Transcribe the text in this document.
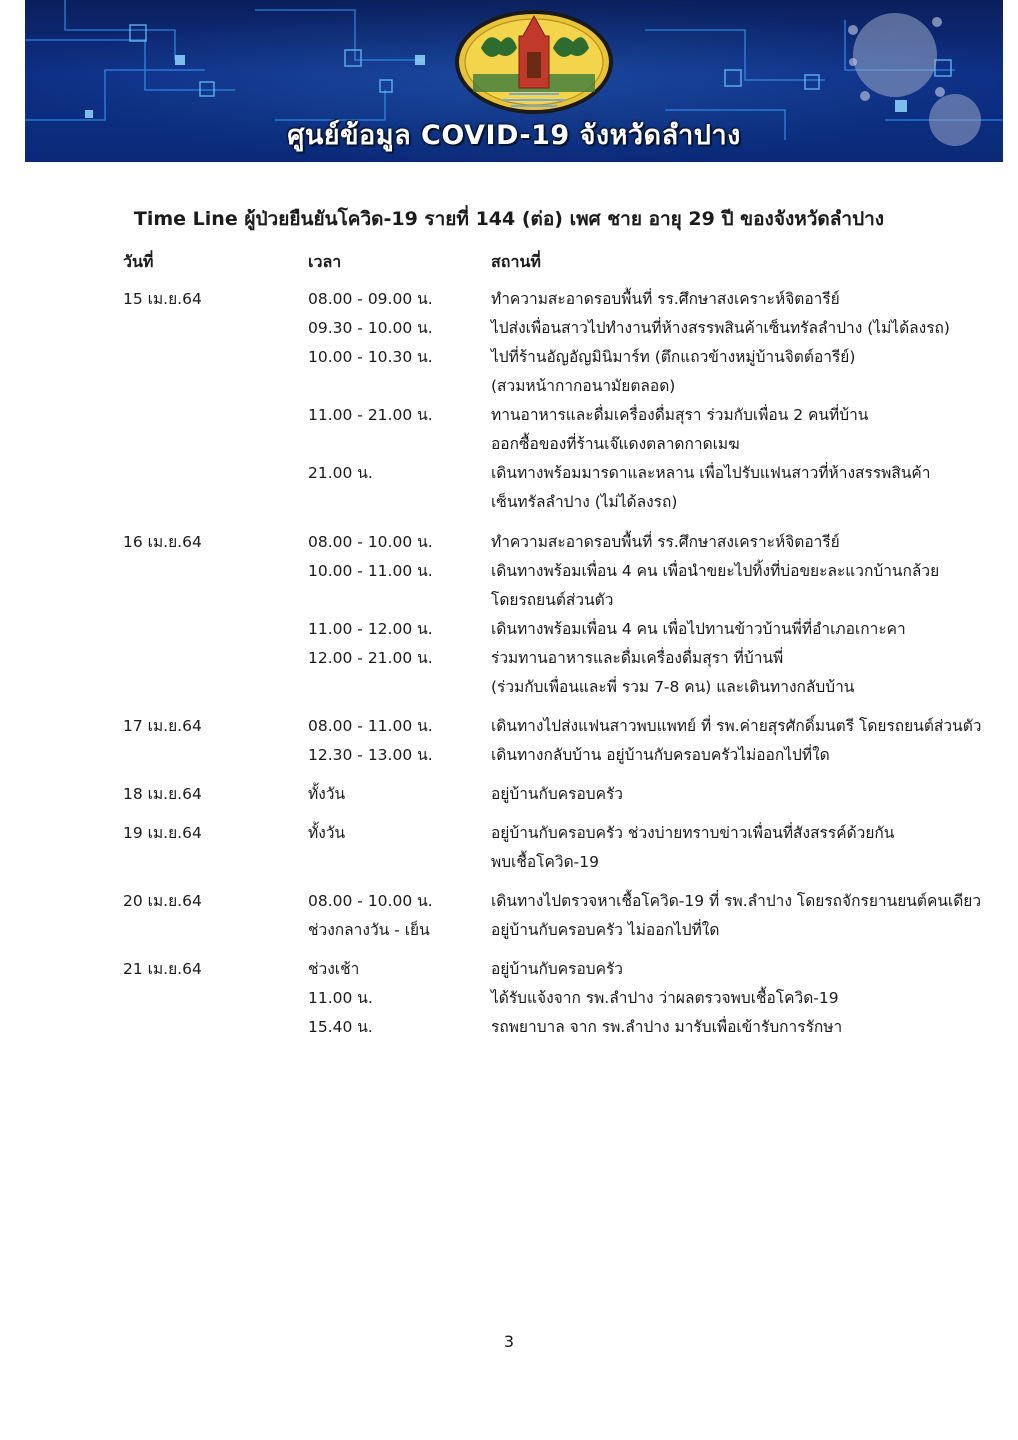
ศูนย์ข้อมูล COVID-19 จังหวัดลำปาง
Time Line ผู้ป่วยยืนยันโควิด-19 รายที่ 144 (ต่อ) เพศ ชาย อายุ 29 ปี ของจังหวัดลำปาง
วันที่	เวลา	สถานที่
15 เม.ย.64	08.00 - 09.00 น.	ทำความสะอาดรอบพื้นที่ รร.ศึกษาสงเคราะห์จิตอารีย์
09.30 - 10.00 น.	ไปส่งเพื่อนสาวไปทำงานที่ห้างสรรพสินค้าเซ็นทรัลลำปาง (ไม่ได้ลงรถ)
10.00 - 10.30 น.	ไปที่ร้านอัญอัญมินิมาร์ท (ตึกแถวข้างหมู่บ้านจิตต์อารีย์)
(สวมหน้ากากอนามัยตลอด)
11.00 - 21.00 น.	ทานอาหารและดื่มเครื่องดื่มสุรา ร่วมกับเพื่อน 2 คนที่บ้าน
ออกซื้อของที่ร้านเจ๊แดงตลาดกาดเมฆ
21.00 น.	เดินทางพร้อมมารดาและหลาน เพื่อไปรับแฟนสาวที่ห้างสรรพสินค้า
เซ็นทรัลลำปาง (ไม่ได้ลงรถ)
16 เม.ย.64	08.00 - 10.00 น.	ทำความสะอาดรอบพื้นที่ รร.ศึกษาสงเคราะห์จิตอารีย์
10.00 - 11.00 น.	เดินทางพร้อมเพื่อน 4 คน เพื่อนำขยะไปทิ้งที่บ่อขยะละแวกบ้านกล้วย
โดยรถยนต์ส่วนตัว
11.00 - 12.00 น.	เดินทางพร้อมเพื่อน 4 คน เพื่อไปทานข้าวบ้านพี่ที่อำเภอเกาะคา
12.00 - 21.00 น.	ร่วมทานอาหารและดื่มเครื่องดื่มสุรา ที่บ้านพี่
(ร่วมกับเพื่อนและพี่ รวม 7-8 คน) และเดินทางกลับบ้าน
17 เม.ย.64	08.00 - 11.00 น.	เดินทางไปส่งแฟนสาวพบแพทย์ ที่ รพ.ค่ายสุรศักดิ์มนตรี โดยรถยนต์ส่วนตัว
12.30 - 13.00 น.	เดินทางกลับบ้าน อยู่บ้านกับครอบครัวไม่ออกไปที่ใด
18 เม.ย.64	ทั้งวัน	อยู่บ้านกับครอบครัว
19 เม.ย.64	ทั้งวัน	อยู่บ้านกับครอบครัว ช่วงบ่ายทราบข่าวเพื่อนที่สังสรรค์ด้วยกัน
พบเชื้อโควิด-19
20 เม.ย.64	08.00 - 10.00 น.	เดินทางไปตรวจหาเชื้อโควิด-19 ที่ รพ.ลำปาง โดยรถจักรยานยนต์คนเดียว
ช่วงกลางวัน - เย็น	อยู่บ้านกับครอบครัว ไม่ออกไปที่ใด
21 เม.ย.64	ช่วงเช้า	อยู่บ้านกับครอบครัว
11.00 น.	ได้รับแจ้งจาก รพ.ลำปาง ว่าผลตรวจพบเชื้อโควิด-19
15.40 น.	รถพยาบาล จาก รพ.ลำปาง มารับเพื่อเข้ารับการรักษา
3
